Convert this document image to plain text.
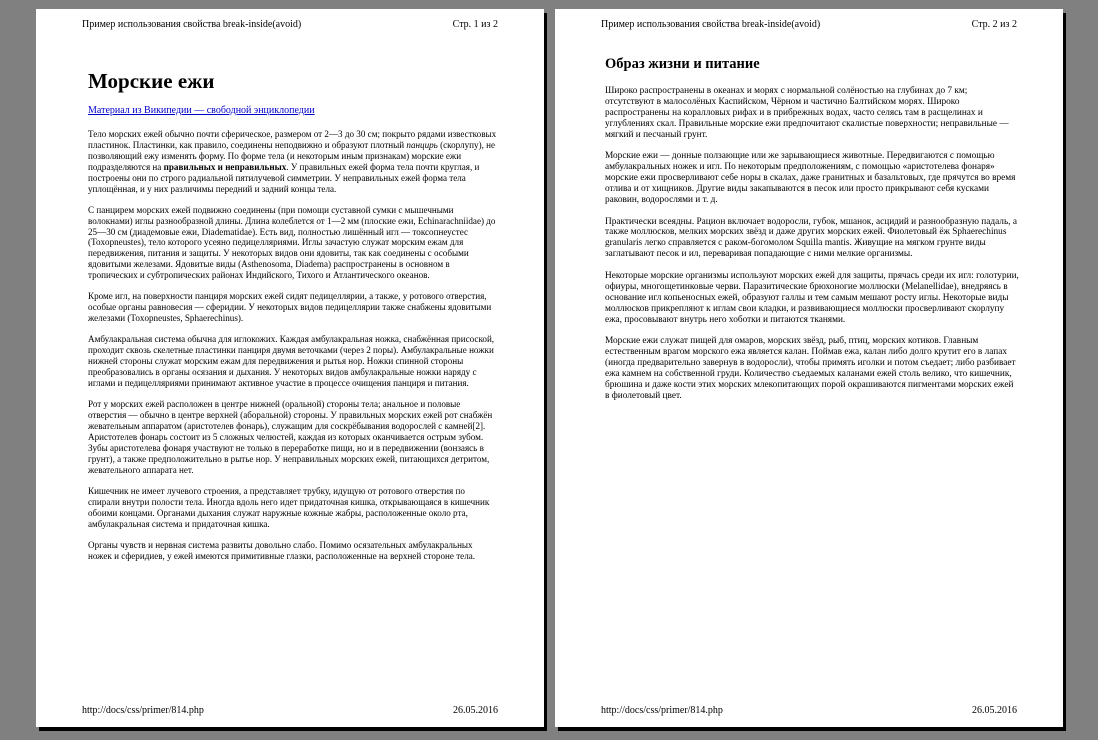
Пример использования свойства break-inside(avoid)	Стр. 1 из 2
Морские ежи
Материал из Википедии — свободной энциклопедии

Тело морских ежей обычно почти сферическое, размером от 2—3 до 30 см; покрыто рядами известковых пластинок. Пластинки, как правило, соединены неподвижно и образуют плотный панцирь (скорлупу), не позволяющий ежу изменять форму. По форме тела (и некоторым иным признакам) морские ежи подразделяются на правильных и неправильных. У правильных ежей форма тела почти круглая, и построены они по строго радиальной пятилучевой симметрии. У неправильных ежей форма тела уплощённая, и у них различимы передний и задний концы тела.

С панцирем морских ежей подвижно соединены (при помощи суставной сумки с мышечными волокнами) иглы разнообразной длины. Длина колеблется от 1—2 мм (плоские ежи, Echinarachniidae) до 25—30 см (диадемовые ежи, Diadematidae). Есть вид, полностью лишённый игл — токсопнеустес (Toxopneustes), тело которого усеяно педицелляриями. Иглы зачастую служат морским ежам для передвижения, питания и защиты. У некоторых видов они ядовиты, так как соединены с особыми ядовитыми железами. Ядовитые виды (Asthenosoma, Diadema) распространены в основном в тропических и субтропических районах Индийского, Тихого и Атлантического океанов.

Кроме игл, на поверхности панциря морских ежей сидят педицеллярии, а также, у ротового отверстия, особые органы равновесия — сферидии. У некоторых видов педицеллярии также снабжены ядовитыми железами (Toxopneustes, Sphaerechinus).

Амбулакральная система обычна для иглокожих. Каждая амбулакральная ножка, снабжённая присоской, проходит сквозь скелетные пластинки панциря двумя веточками (через 2 поры). Амбулакральные ножки нижней стороны служат морским ежам для передвижения и рытья нор. Ножки спинной стороны преобразовались в органы осязания и дыхания. У некоторых видов амбулакральные ножки наряду с иглами и педицелляриями принимают активное участие в процессе очищения панциря и питания.

Рот у морских ежей расположен в центре нижней (оральной) стороны тела; анальное и половые отверстия — обычно в центре верхней (аборальной) стороны. У правильных морских ежей рот снабжён жевательным аппаратом (аристотелев фонарь), служащим для соскрёбывания водорослей с камней[2]. Аристотелев фонарь состоит из 5 сложных челюстей, каждая из которых оканчивается острым зубом. Зубы аристотелева фонаря участвуют не только в переработке пищи, но и в передвижении (вонзаясь в грунт), а также предположительно в рытье нор. У неправильных морских ежей, питающихся детритом, жевательного аппарата нет.

Кишечник не имеет лучевого строения, а представляет трубку, идущую от ротового отверстия по спирали внутри полости тела. Иногда вдоль него идет придаточная кишка, открывающаяся в кишечник обоими концами. Органами дыхания служат наружные кожные жабры, расположенные около рта, амбулакральная система и придаточная кишка.

Органы чувств и нервная система развиты довольно слабо. Помимо осязательных амбулакральных ножек и сферидиев, у ежей имеются примитивные глазки, расположенные на верхней стороне тела.

http://docs/css/primer/814.php	26.05.2016
Пример использования свойства break-inside(avoid)	Стр. 2 из 2
Образ жизни и питание

Широко распространены в океанах и морях с нормальной солёностью на глубинах до 7 км; отсутствуют в малосолёных Каспийском, Чёрном и частично Балтийском морях. Широко распространены на коралловых рифах и в прибрежных водах, часто селясь там в расщелинах и углублениях скал. Правильные морские ежи предпочитают скалистые поверхности; неправильные — мягкий и песчаный грунт.

Морские ежи — донные ползающие или же зарывающиеся животные. Передвигаются с помощью амбулакральных ножек и игл. По некоторым предположениям, с помощью «аристотелева фонаря» морские ежи просверливают себе норы в скалах, даже гранитных и базальтовых, где прячутся во время отлива и от хищников. Другие виды закапываются в песок или просто прикрывают себя кусками раковин, водорослями и т. д.

Практически всеядны. Рацион включает водоросли, губок, мшанок, асцидий и разнообразную падаль, а также моллюсков, мелких морских звёзд и даже других морских ежей. Фиолетовый ёж Sphaerechinus granularis легко справляется с раком-богомолом Squilla mantis. Живущие на мягком грунте виды заглатывают песок и ил, переваривая попадающие с ними мелкие организмы.

Некоторые морские организмы используют морских ежей для защиты, прячась среди их игл: голотурии, офиуры, многощетинковые черви. Паразитические брюхоногие моллюски (Melanellidae), внедряясь в основание игл копьеносных ежей, образуют галлы и тем самым мешают росту иглы. Некоторые виды моллюсков прикрепляют к иглам свои кладки, и развивающиеся моллюски просверливают скорлупу ежа, просовывают внутрь него хоботки и питаются тканями.

Морские ежи служат пищей для омаров, морских звёзд, рыб, птиц, морских котиков. Главным естественным врагом морского ежа является калан. Поймав ежа, калан либо долго крутит его в лапах (иногда предварительно завернув в водоросли), чтобы примять иголки и потом съедает; либо разбивает ежа камнем на собственной груди. Количество съедаемых каланами ежей столь велико, что кишечник, брюшина и даже кости этих морских млекопитающих порой окрашиваются пигментами морских ежей в фиолетовый цвет.

http://docs/css/primer/814.php	26.05.2016
